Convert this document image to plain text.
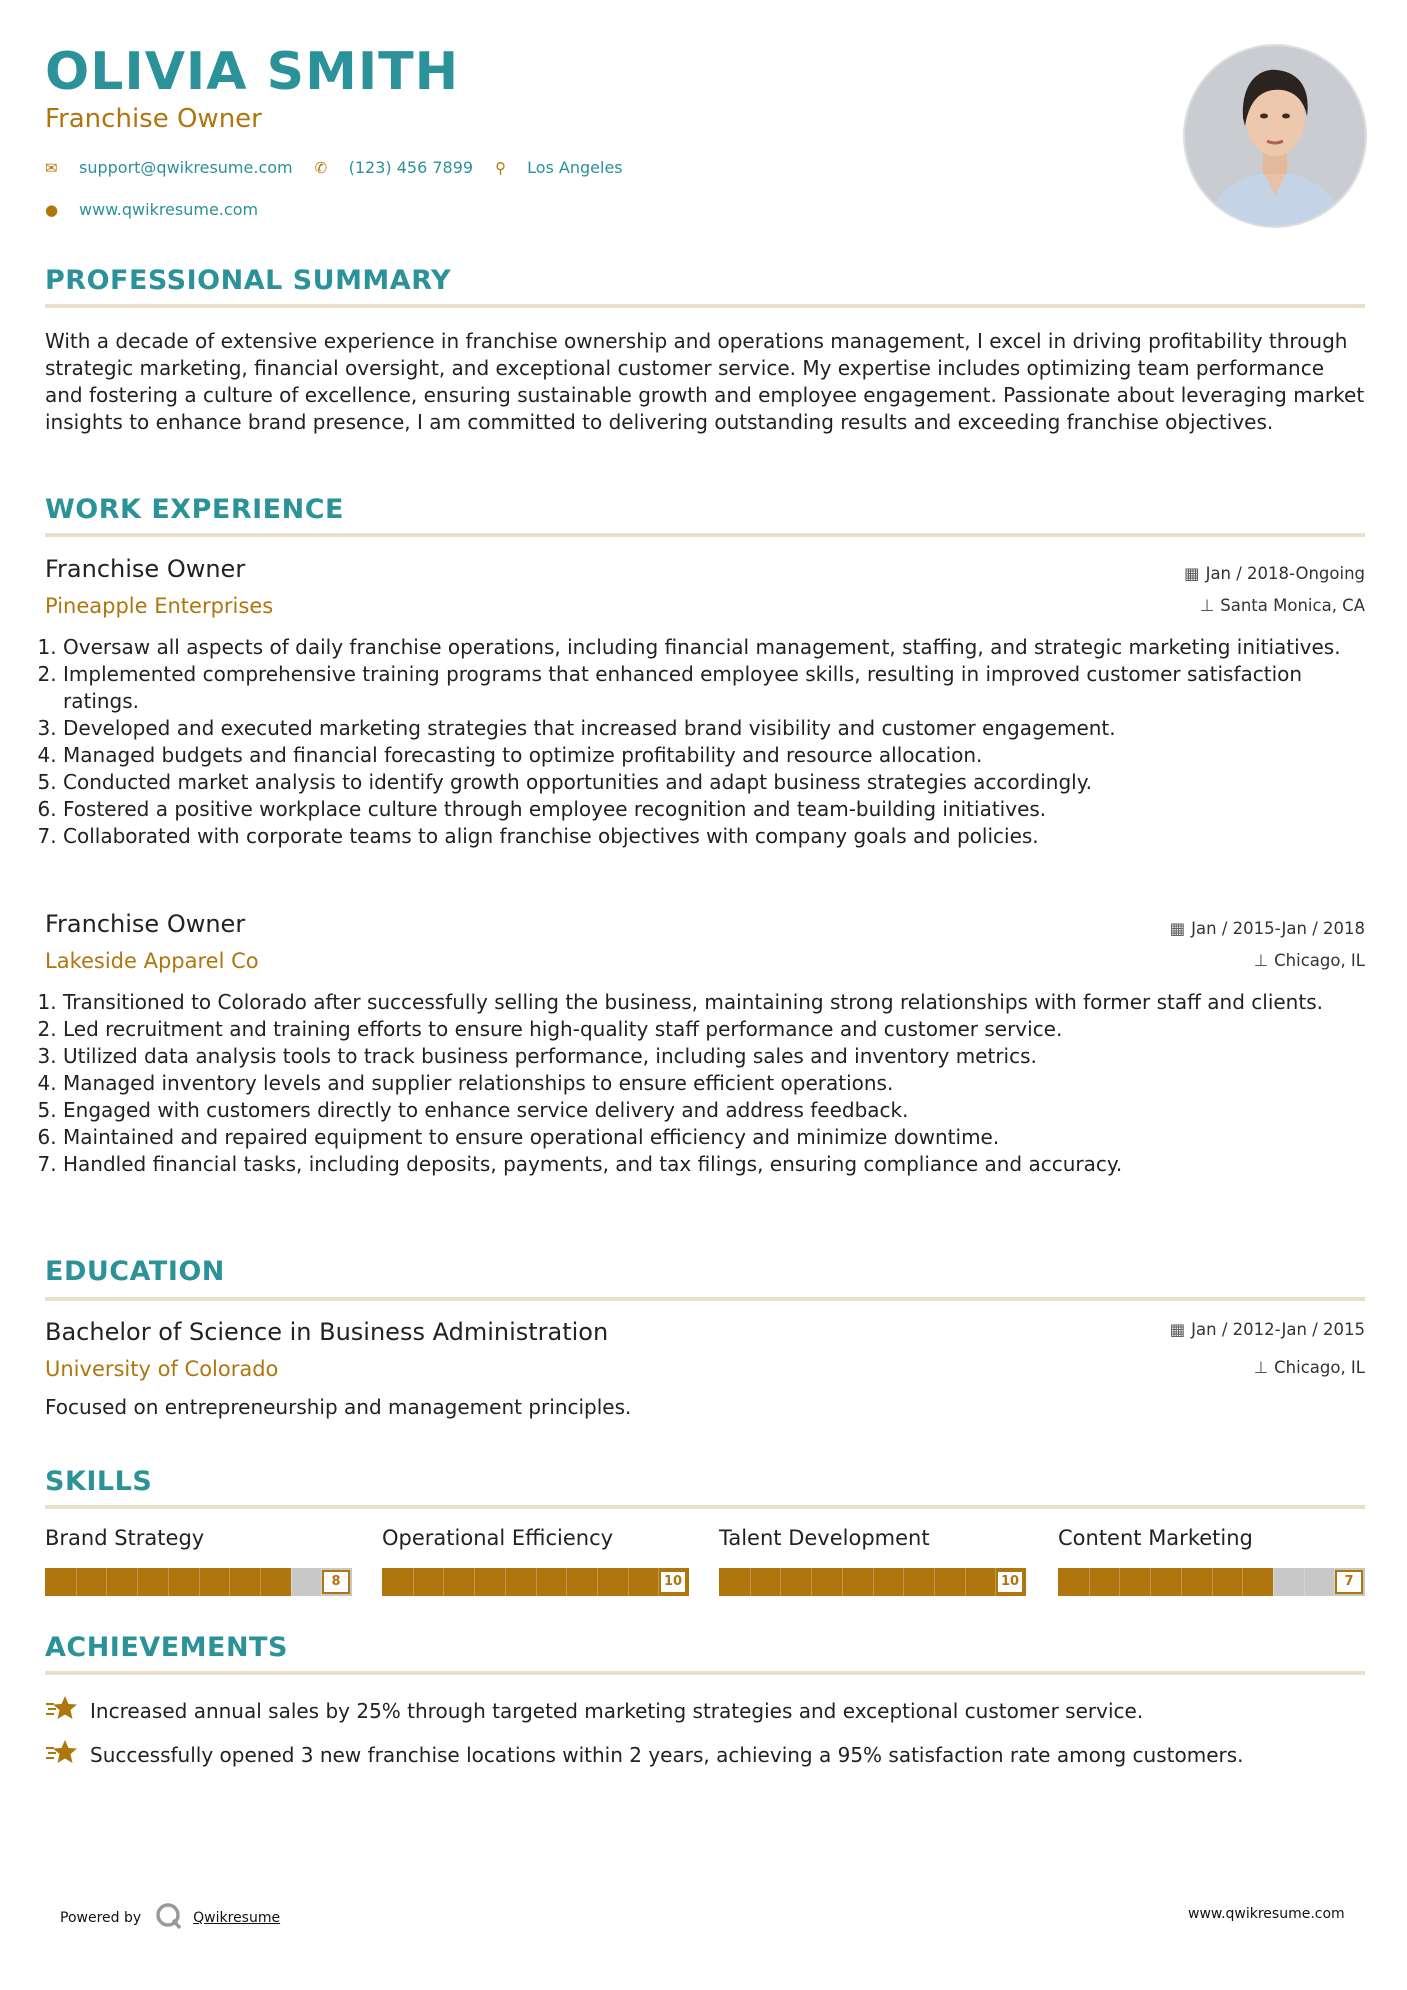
OLIVIA SMITH
Franchise Owner
✉	support@qwikresume.com ✆	(123) 456 7899 ⚲	Los Angeles
●	www.qwikresume.com
PROFESSIONAL SUMMARY

With a decade of extensive experience in franchise ownership and operations management, I excel in driving profitability through strategic marketing, financial oversight, and exceptional customer service. My expertise includes optimizing team performance and fostering a culture of excellence, ensuring sustainable growth and employee engagement. Passionate about leveraging market insights to enhance brand presence, I am committed to delivering outstanding results and exceeding franchise objectives.

WORK EXPERIENCE
Franchise Owner
Pineapple Enterprises
▦ Jan / 2018-Ongoing
⊥ Santa Monica, CA
1. Oversaw all aspects of daily franchise operations, including financial management, staffing, and strategic marketing initiatives.
2. Implemented comprehensive training programs that enhanced employee skills, resulting in improved customer satisfaction ratings.
3. Developed and executed marketing strategies that increased brand visibility and customer engagement.
4. Managed budgets and financial forecasting to optimize profitability and resource allocation.
5. Conducted market analysis to identify growth opportunities and adapt business strategies accordingly.
6. Fostered a positive workplace culture through employee recognition and team-building initiatives.
7. Collaborated with corporate teams to align franchise objectives with company goals and policies.
Franchise Owner
Lakeside Apparel Co
▦ Jan / 2015-Jan / 2018
⊥ Chicago, IL
1. Transitioned to Colorado after successfully selling the business, maintaining strong relationships with former staff and clients.
2. Led recruitment and training efforts to ensure high-quality staff performance and customer service.
3. Utilized data analysis tools to track business performance, including sales and inventory metrics.
4. Managed inventory levels and supplier relationships to ensure efficient operations.
5. Engaged with customers directly to enhance service delivery and address feedback.
6. Maintained and repaired equipment to ensure operational efficiency and minimize downtime.
7. Handled financial tasks, including deposits, payments, and tax filings, ensuring compliance and accuracy.
EDUCATION
Bachelor of Science in Business Administration
University of Colorado
▦ Jan / 2012-Jan / 2015
⊥ Chicago, IL
Focused on entrepreneurship and management principles.
SKILLS
Brand Strategy
8
Operational Efficiency
10
Talent Development
10
Content Marketing
7
ACHIEVEMENTS
Increased annual sales by 25% through targeted marketing strategies and exceptional customer service.
Successfully opened 3 new franchise locations within 2 years, achieving a 95% satisfaction rate among customers.
Powered by	Qwikresume	www.qwikresume.com
